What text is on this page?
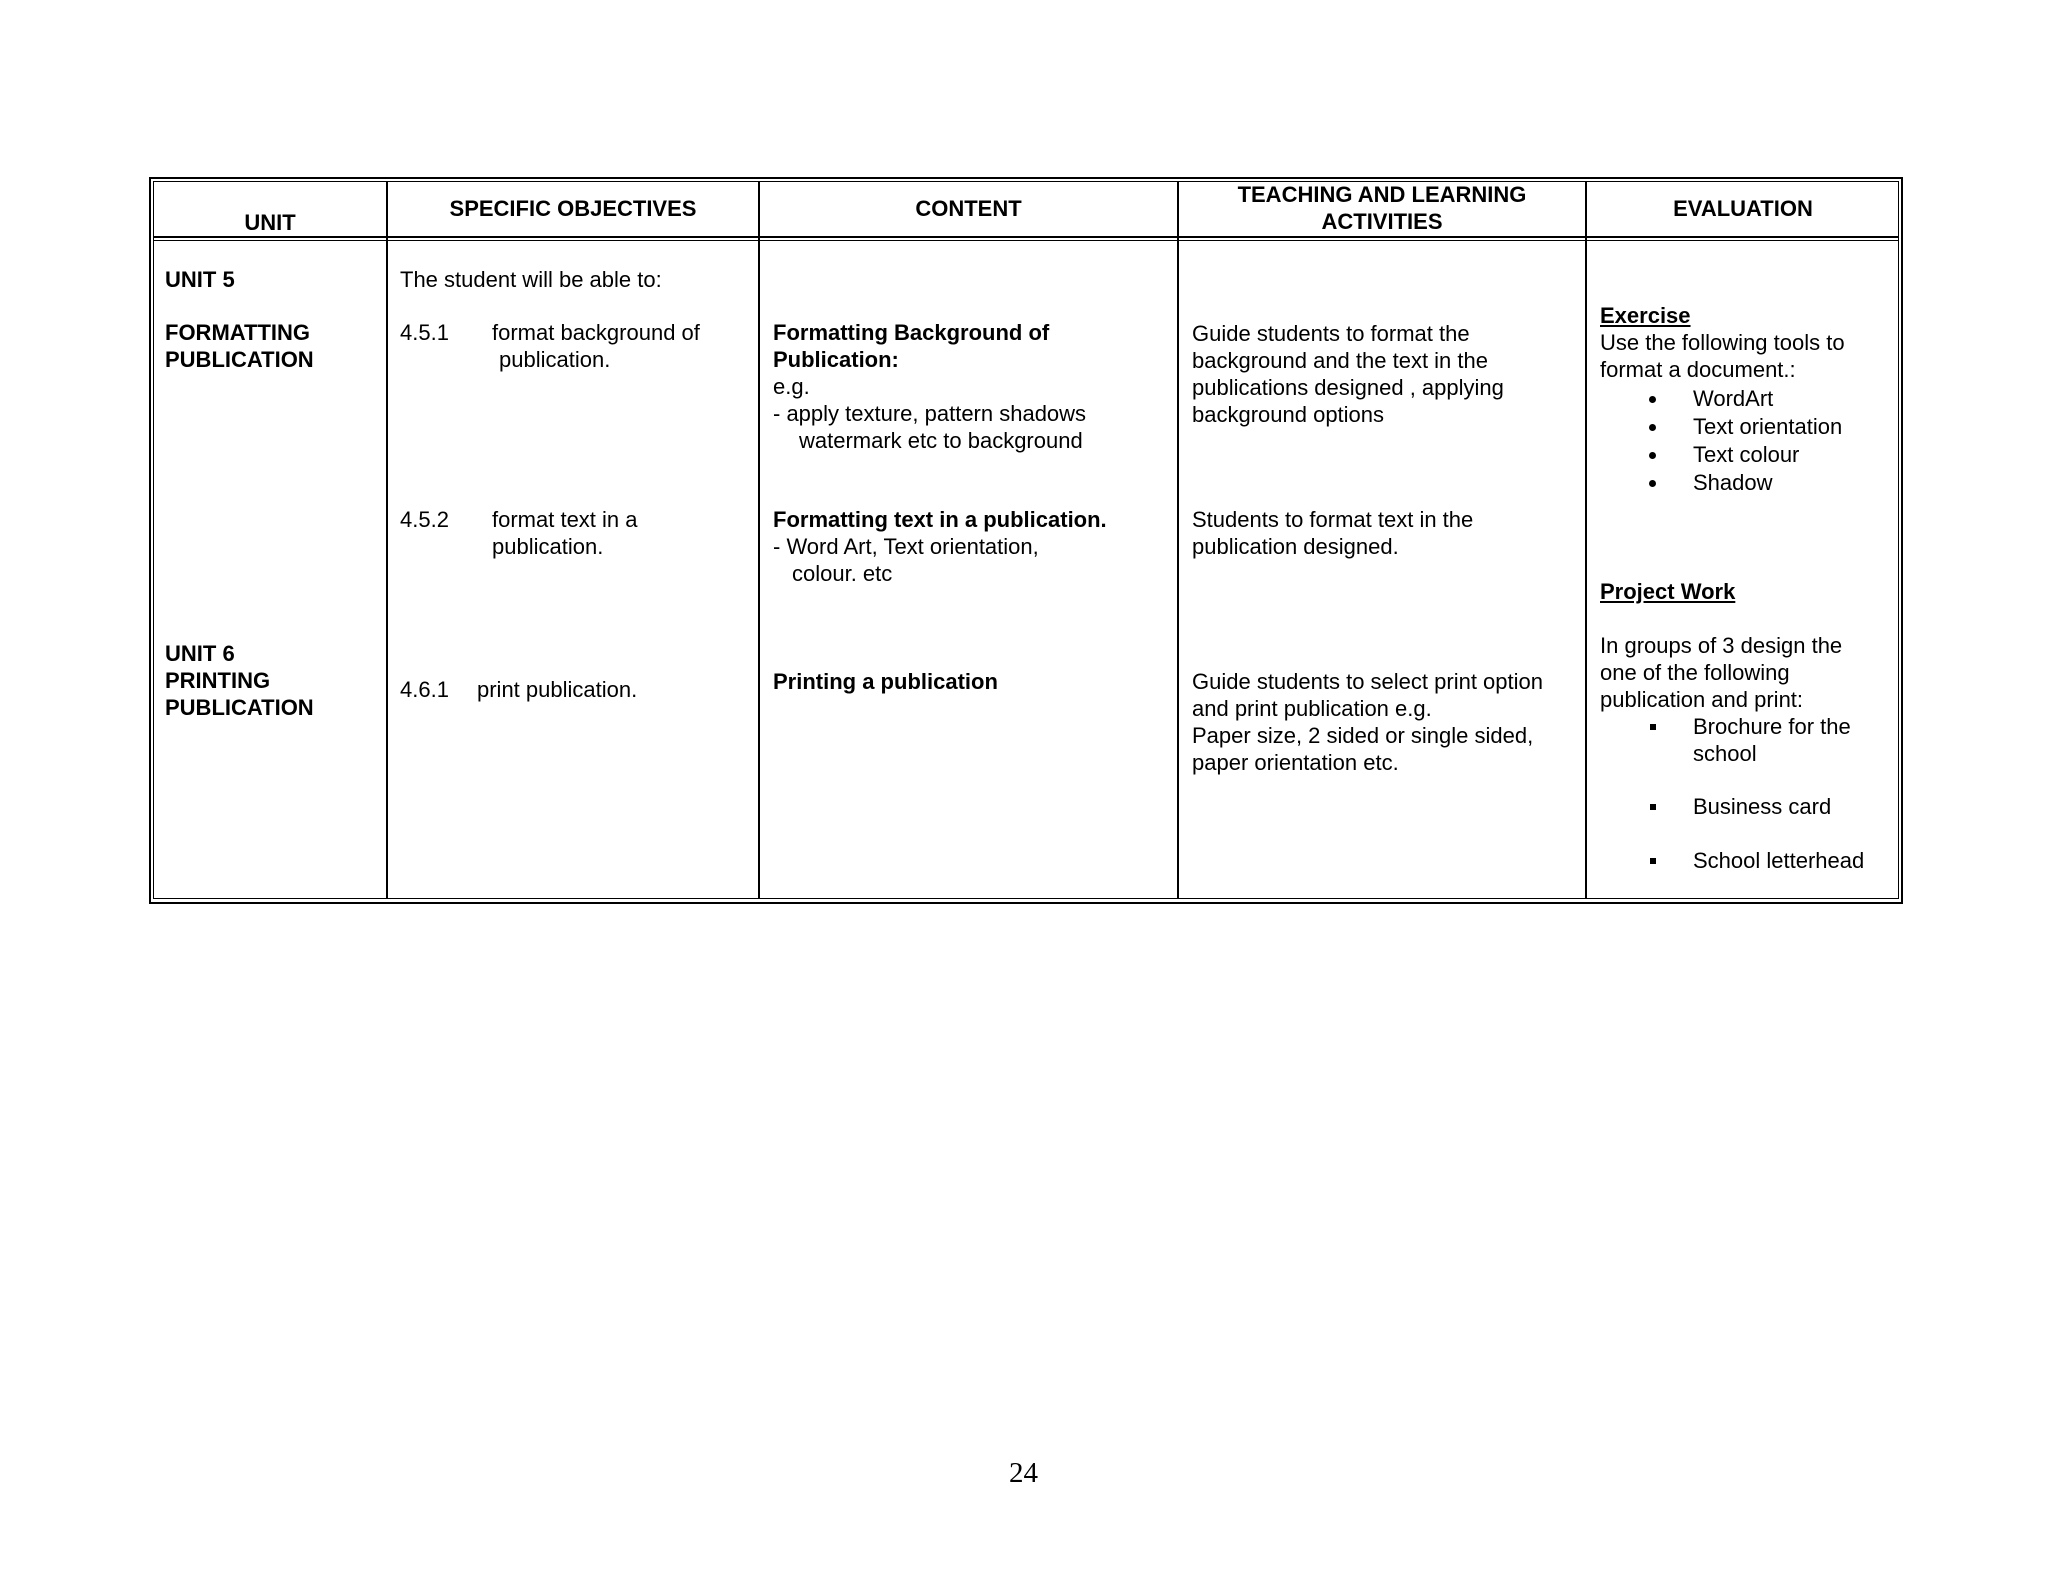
UNIT
SPECIFIC OBJECTIVES	CONTENT
TEACHING AND LEARNING
ACTIVITIES
EVALUATION
UNIT 5
FORMATTING
PUBLICATION
UNIT 6
PRINTING
PUBLICATION
The student will be able to:
4.5.1 format background of
publication.
4.5.2 format text in a
publication.
4.6.1 print publication.
Formatting Background of
Publication:
e.g.
- apply texture, pattern shadows
watermark etc to background
Formatting text in a publication.
- Word Art, Text orientation,
colour. etc
Printing a publication
Guide students to format the
background and the text in the
publications designed , applying
background options
Students to format text in the
publication designed.
Guide students to select print option
and print publication e.g.
Paper size, 2 sided or single sided,
paper orientation etc.
Exercise
Use the following tools to
format a document.:
WordArt
Text orientation
Text colour
Shadow
Project Work
In groups of 3 design the
one of the following
publication and print:
Brochure for the
school
Business card
School letterhead
24
